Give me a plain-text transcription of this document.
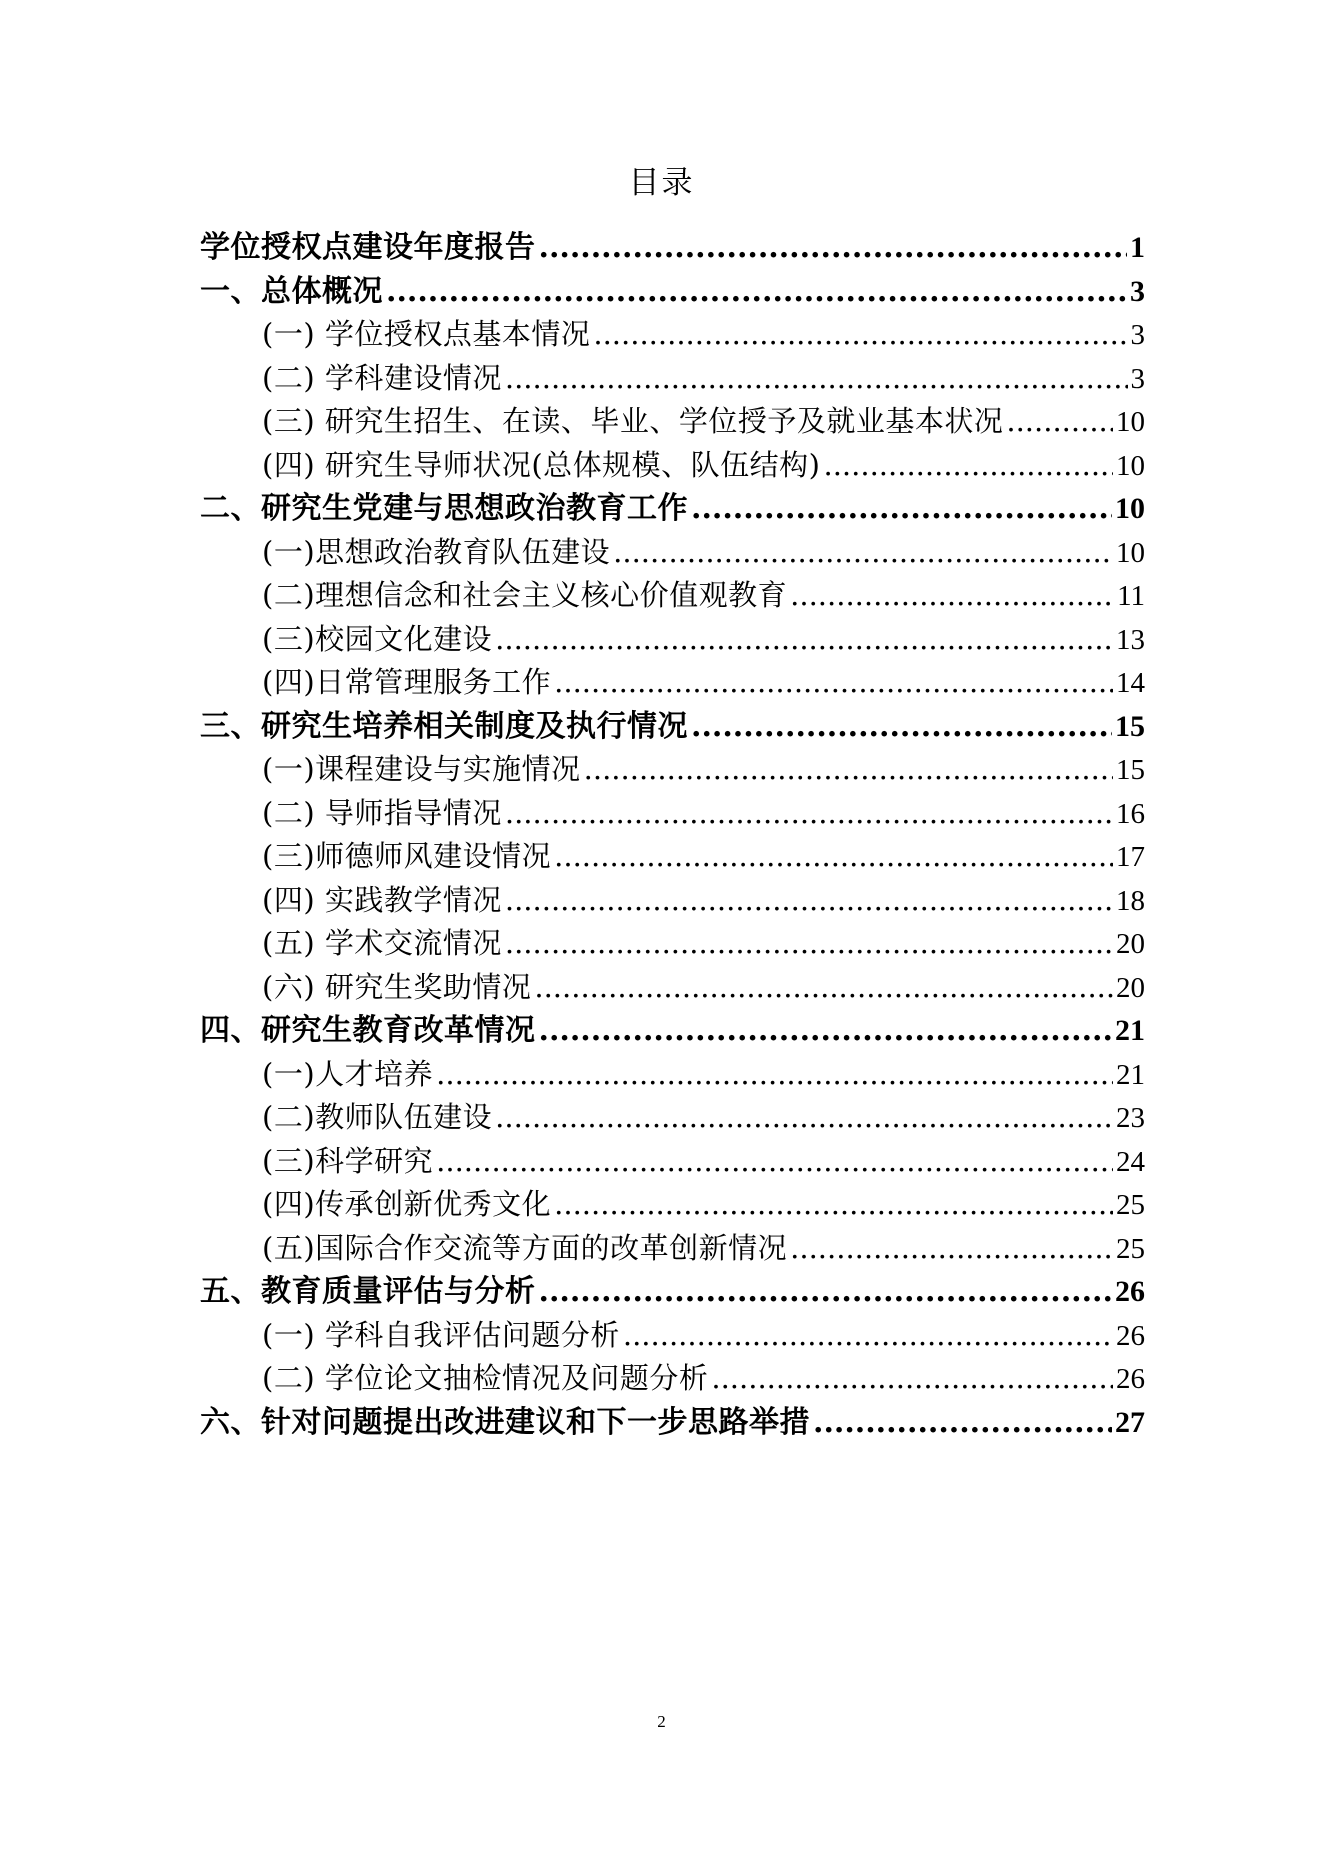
目录
学位授权点建设年度报告 .....	1
一、总体概况 .....	3
(一) 学位授权点基本情况 .....	3
(二) 学科建设情况 .....	3
(三) 研究生招生、在读、毕业、学位授予及就业基本状况 .....	10
(四) 研究生导师状况(总体规模、队伍结构) .....	10
二、研究生党建与思想政治教育工作 .....	10
(一)思想政治教育队伍建设 .....	10
(二)理想信念和社会主义核心价值观教育 .....	11
(三)校园文化建设 .....	13
(四)日常管理服务工作 .....	14
三、研究生培养相关制度及执行情况 .....	15
(一)课程建设与实施情况 .....	15
(二) 导师指导情况 .....	16
(三)师德师风建设情况 .....	17
(四) 实践教学情况 .....	18
(五) 学术交流情况 .....	20
(六) 研究生奖助情况 .....	20
四、研究生教育改革情况 .....	21
(一)人才培养 .....	21
(二)教师队伍建设 .....	23
(三)科学研究 .....	24
(四)传承创新优秀文化 .....	25
(五)国际合作交流等方面的改革创新情况 .....	25
五、教育质量评估与分析 .....	26
(一) 学科自我评估问题分析 .....	26
(二) 学位论文抽检情况及问题分析 .....	26
六、针对问题提出改进建议和下一步思路举措 .....	27
2
